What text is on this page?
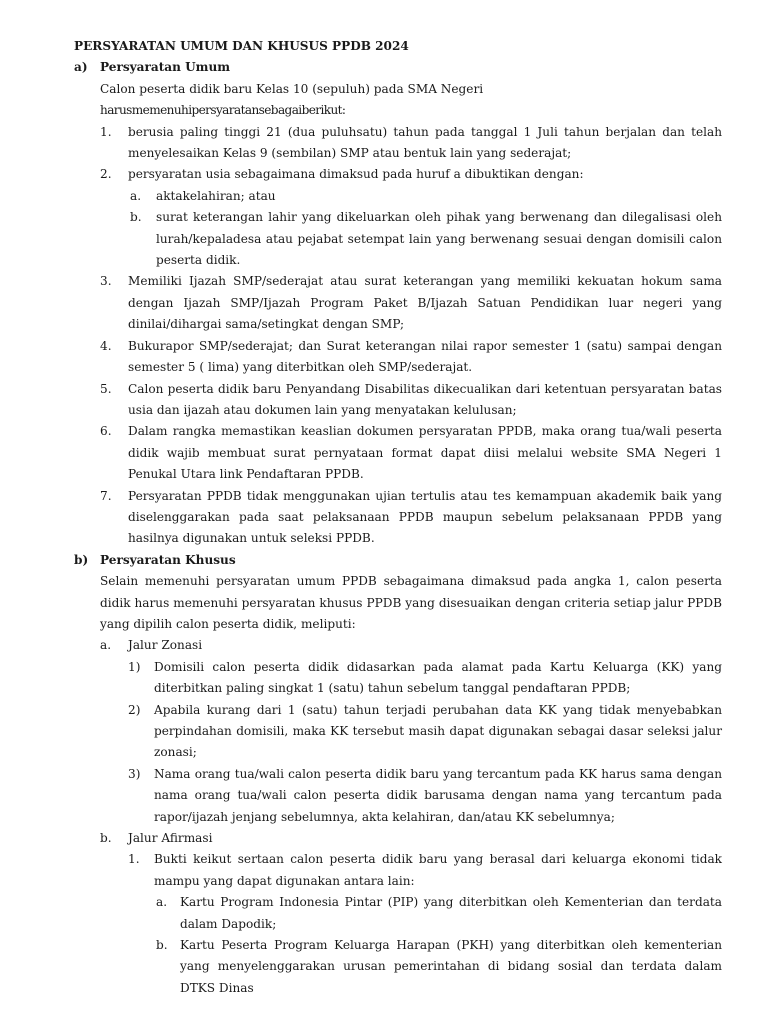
PERSYARATAN UMUM DAN KHUSUS PPDB 2024

a) Persyaratan Umum
Calon peserta didik baru Kelas 10 (sepuluh) pada SMA Negeri
harusmemenuhipersyaratansebagaiberikut:
1. berusia paling tinggi 21 (dua puluhsatu) tahun pada tanggal 1 Juli tahun berjalan dan telah menyelesaikan Kelas 9 (sembilan) SMP atau bentuk lain yang sederajat;
2. persyaratan usia sebagaimana dimaksud pada huruf a dibuktikan dengan:
a. aktakelahiran; atau
b. surat keterangan lahir yang dikeluarkan oleh pihak yang berwenang dan dilegalisasi oleh lurah/kepaladesa atau pejabat setempat lain yang berwenang sesuai dengan domisili calon peserta didik.
3. Memiliki Ijazah SMP/sederajat atau surat keterangan yang memiliki kekuatan hokum sama dengan Ijazah SMP/Ijazah Program Paket B/Ijazah Satuan Pendidikan luar negeri yang dinilai/dihargai sama/setingkat dengan SMP;
4. Bukurapor SMP/sederajat; dan Surat keterangan nilai rapor semester 1 (satu) sampai dengan semester 5 ( lima) yang diterbitkan oleh SMP/sederajat.
5. Calon peserta didik baru Penyandang Disabilitas dikecualikan dari ketentuan persyaratan batas usia dan ijazah atau dokumen lain yang menyatakan kelulusan;
6. Dalam rangka memastikan keaslian dokumen persyaratan PPDB, maka orang tua/wali peserta didik wajib membuat surat pernyataan format dapat diisi melalui website SMA Negeri 1 Penukal Utara link Pendaftaran PPDB.
7. Persyaratan PPDB tidak menggunakan ujian tertulis atau tes kemampuan akademik baik yang diselenggarakan pada saat pelaksanaan PPDB maupun sebelum pelaksanaan PPDB yang hasilnya digunakan untuk seleksi PPDB.
b) Persyaratan Khusus

Selain memenuhi persyaratan umum PPDB sebagaimana dimaksud pada angka 1, calon peserta didik harus memenuhi persyaratan khusus PPDB yang disesuaikan dengan criteria setiap jalur PPDB yang dipilih calon peserta didik, meliputi:

a. Jalur Zonasi
1) Domisili calon peserta didik didasarkan pada alamat pada Kartu Keluarga (KK) yang diterbitkan paling singkat 1 (satu) tahun sebelum tanggal pendaftaran PPDB;
2) Apabila kurang dari 1 (satu) tahun terjadi perubahan data KK yang tidak menyebabkan perpindahan domisili, maka KK tersebut masih dapat digunakan sebagai dasar seleksi jalur zonasi;
3) Nama orang tua/wali calon peserta didik baru yang tercantum pada KK harus sama dengan nama orang tua/wali calon peserta didik barusama dengan nama yang tercantum pada rapor/ijazah jenjang sebelumnya, akta kelahiran, dan/atau KK sebelumnya;
b. Jalur Afirmasi
1. Bukti keikut sertaan calon peserta didik baru yang berasal dari keluarga ekonomi tidak mampu yang dapat digunakan antara lain:
a. Kartu Program Indonesia Pintar (PIP) yang diterbitkan oleh Kementerian dan terdata dalam Dapodik;
b. Kartu Peserta Program Keluarga Harapan (PKH) yang diterbitkan oleh kementerian yang menyelenggarakan urusan pemerintahan di bidang sosial dan terdata dalam DTKS Dinas
